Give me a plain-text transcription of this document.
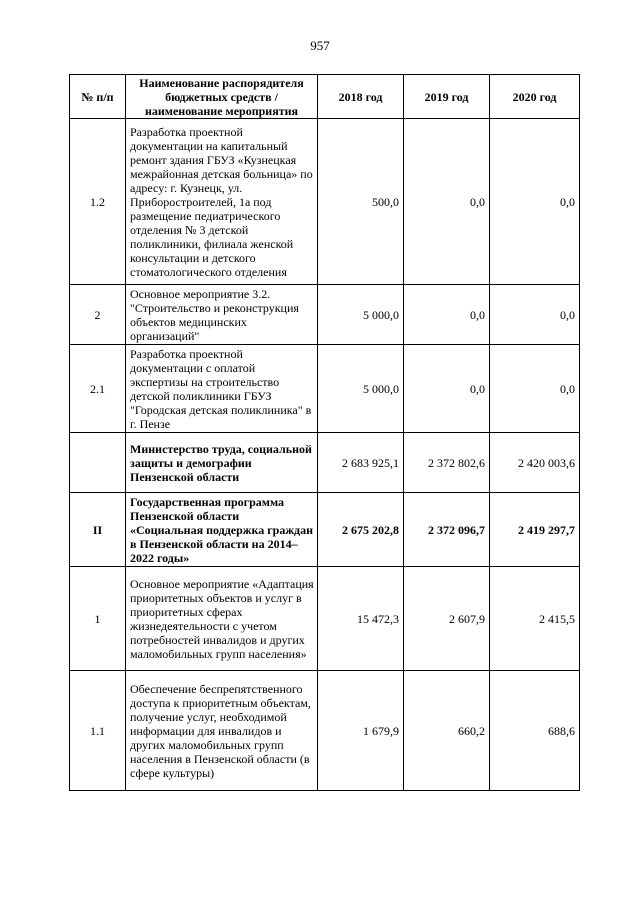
957
№ п/п	Наименование распорядителя бюджетных средств / наименование мероприятия	2018 год	2019 год	2020 год
1.2	Разработка проектной документации на капитальный ремонт здания ГБУЗ «Кузнецкая межрайонная детская больница» по адресу: г. Кузнецк, ул. Приборостроителей, 1а под размещение педиатрического отделения № 3 детской поликлиники, филиала женской консультации и детского стоматологического отделения	500,0	0,0	0,0
2	Основное мероприятие 3.2. "Строительство и реконструкция объектов медицинских организаций"	5 000,0	0,0	0,0
2.1	Разработка проектной документации с оплатой экспертизы на строительство детской поликлиники ГБУЗ "Городская детская поликлиника" в г. Пензе	5 000,0	0,0	0,0
	Министерство труда, социальной защиты и демографии Пензенской области	2 683 925,1	2 372 802,6	2 420 003,6
II	Государственная программа Пензенской области «Социальная поддержка граждан в Пензенской области на 2014–2022 годы»	2 675 202,8	2 372 096,7	2 419 297,7
1	Основное мероприятие «Адаптация приоритетных объектов и услуг в приоритетных сферах жизнедеятельности с учетом потребностей инвалидов и других маломобильных групп населения»	15 472,3	2 607,9	2 415,5
1.1	Обеспечение беспрепятственного доступа к приоритетным объектам, получение услуг, необходимой информации для инвалидов и других маломобильных групп населения в Пензенской области (в сфере культуры)	1 679,9	660,2	688,6
